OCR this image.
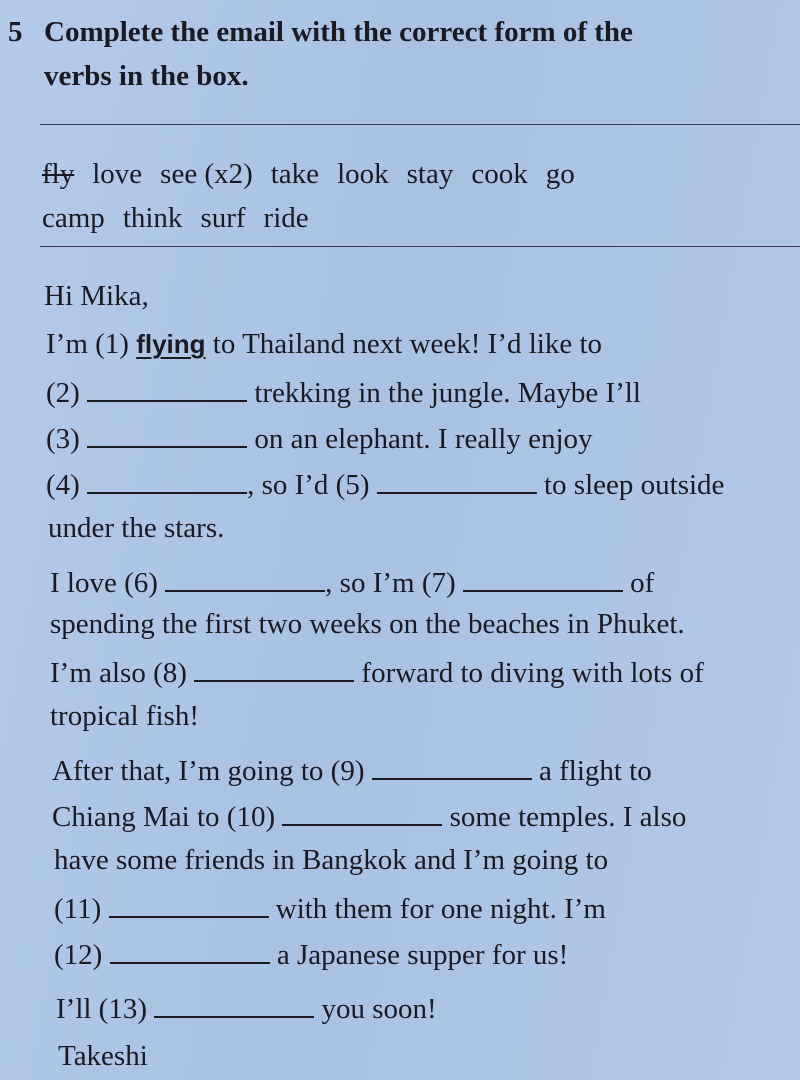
5 Complete the email with the correct form of the
verbs in the box.
fly love see (x2) take look stay cook go
camp think surf ride
Hi Mika,
I’m (1) flying to Thailand next week! I’d like to
(2)	trekking in the jungle. Maybe I’ll
(3)	on an elephant. I really enjoy
(4)	, so I’d (5)	to sleep outside
under the stars.
I love (6)	, so I’m (7)	of
spending the first two weeks on the beaches in Phuket.
I’m also (8)	forward to diving with lots of
tropical fish!
After that, I’m going to (9)	a flight to
Chiang Mai to (10)	some temples. I also
have some friends in Bangkok and I’m going to
(11)	with them for one night. I’m
(12)	a Japanese supper for us!
I’ll (13)	you soon!
Takeshi
